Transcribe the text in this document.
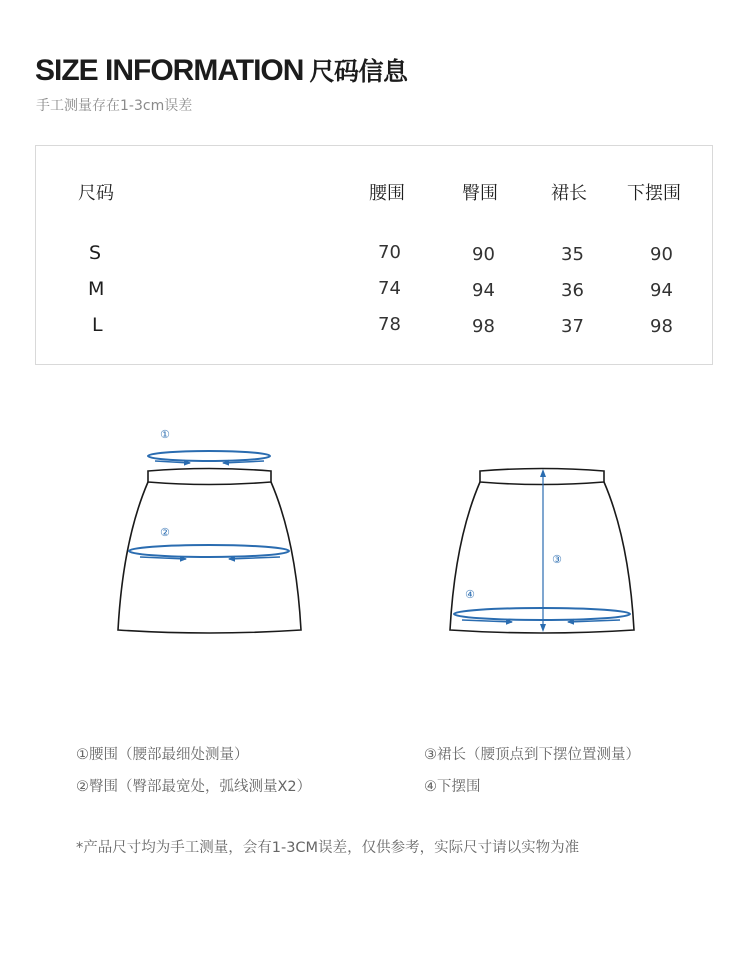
SIZE INFORMATION 尺码信息
手工测量存在1-3cm误差
尺码	腰围	臀围	裙长 下摆围
S	70	90	35	90
M	74	94	36	94
L	78	98	37	98
①
②
③
④
①腰围（腰部最细处测量）	③裙长（腰顶点到下摆位置测量）
②臀围（臀部最宽处，弧线测量X2）	④下摆围
*产品尺寸均为手工测量，会有1-3CM误差，仅供参考，实际尺寸请以实物为准
